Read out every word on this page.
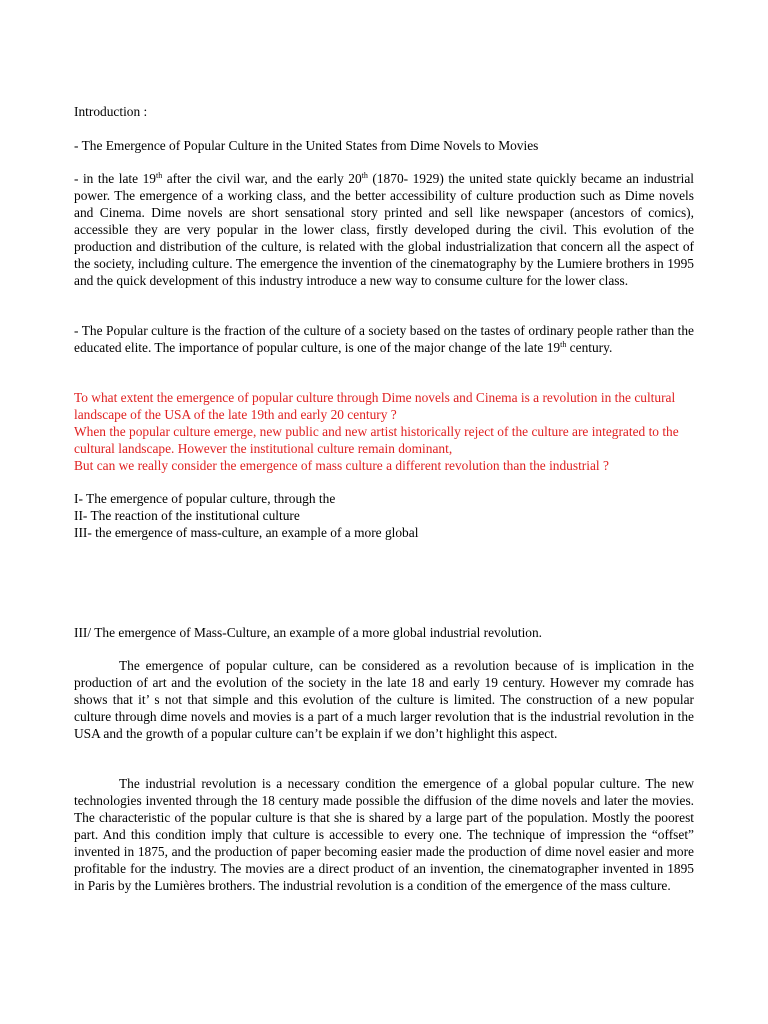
Introduction :

- The Emergence of Popular Culture in the United States from Dime Novels to Movies

- in the late 19th after the civil war, and the early 20th (1870- 1929) the united state quickly became an industrial power. The emergence of a working class, and the better accessibility of culture production such as Dime novels and Cinema. Dime novels are short sensational story printed and sell like newspaper (ancestors of comics), accessible they are very popular in the lower class, firstly developed during the civil. This evolution of the production and distribution of the culture, is related with the global industrialization that concern all the aspect of the society, including culture. The emergence the invention of the cinematography by the Lumiere brothers in 1995 and the quick development of this industry introduce a new way to consume culture for the lower class.

- The Popular culture is the fraction of the culture of a society based on the tastes of ordinary people rather than the educated elite. The importance of popular culture, is one of the major change of the late 19th century.

To what extent the emergence of popular culture through Dime novels and Cinema is a revolution in the cultural landscape of the USA of the late 19th and early 20 century ?

When the popular culture emerge, new public and new artist historically reject of the culture are integrated to the cultural landscape. However the institutional culture remain dominant,

But can we really consider the emergence of mass culture a different revolution than the industrial ?

I- The emergence of popular culture, through the

II- The reaction of the institutional culture

III- the emergence of mass-culture, an example of a more global

III/ The emergence of Mass-Culture, an example of a more global industrial revolution.

The emergence of popular culture, can be considered as a revolution because of is implication in the production of art and the evolution of the society in the late 18 and early 19 century. However my comrade has shows that it’ s not that simple and this evolution of the culture is limited. The construction of a new popular culture through dime novels and movies is a part of a much larger revolution that is the industrial revolution in the USA and the growth of a popular culture can’t be explain if we don’t highlight this aspect.

The industrial revolution is a necessary condition the emergence of a global popular culture. The new technologies invented through the 18 century made possible the diffusion of the dime novels and later the movies. The characteristic of the popular culture is that she is shared by a large part of the population. Mostly the poorest part. And this condition imply that culture is accessible to every one. The technique of impression the “offset” invented in 1875, and the production of paper becoming easier made the production of dime novel easier and more profitable for the industry. The movies are a direct product of an invention, the cinematographer invented in 1895 in Paris by the Lumières brothers. The industrial revolution is a condition of the emergence of the mass culture.
